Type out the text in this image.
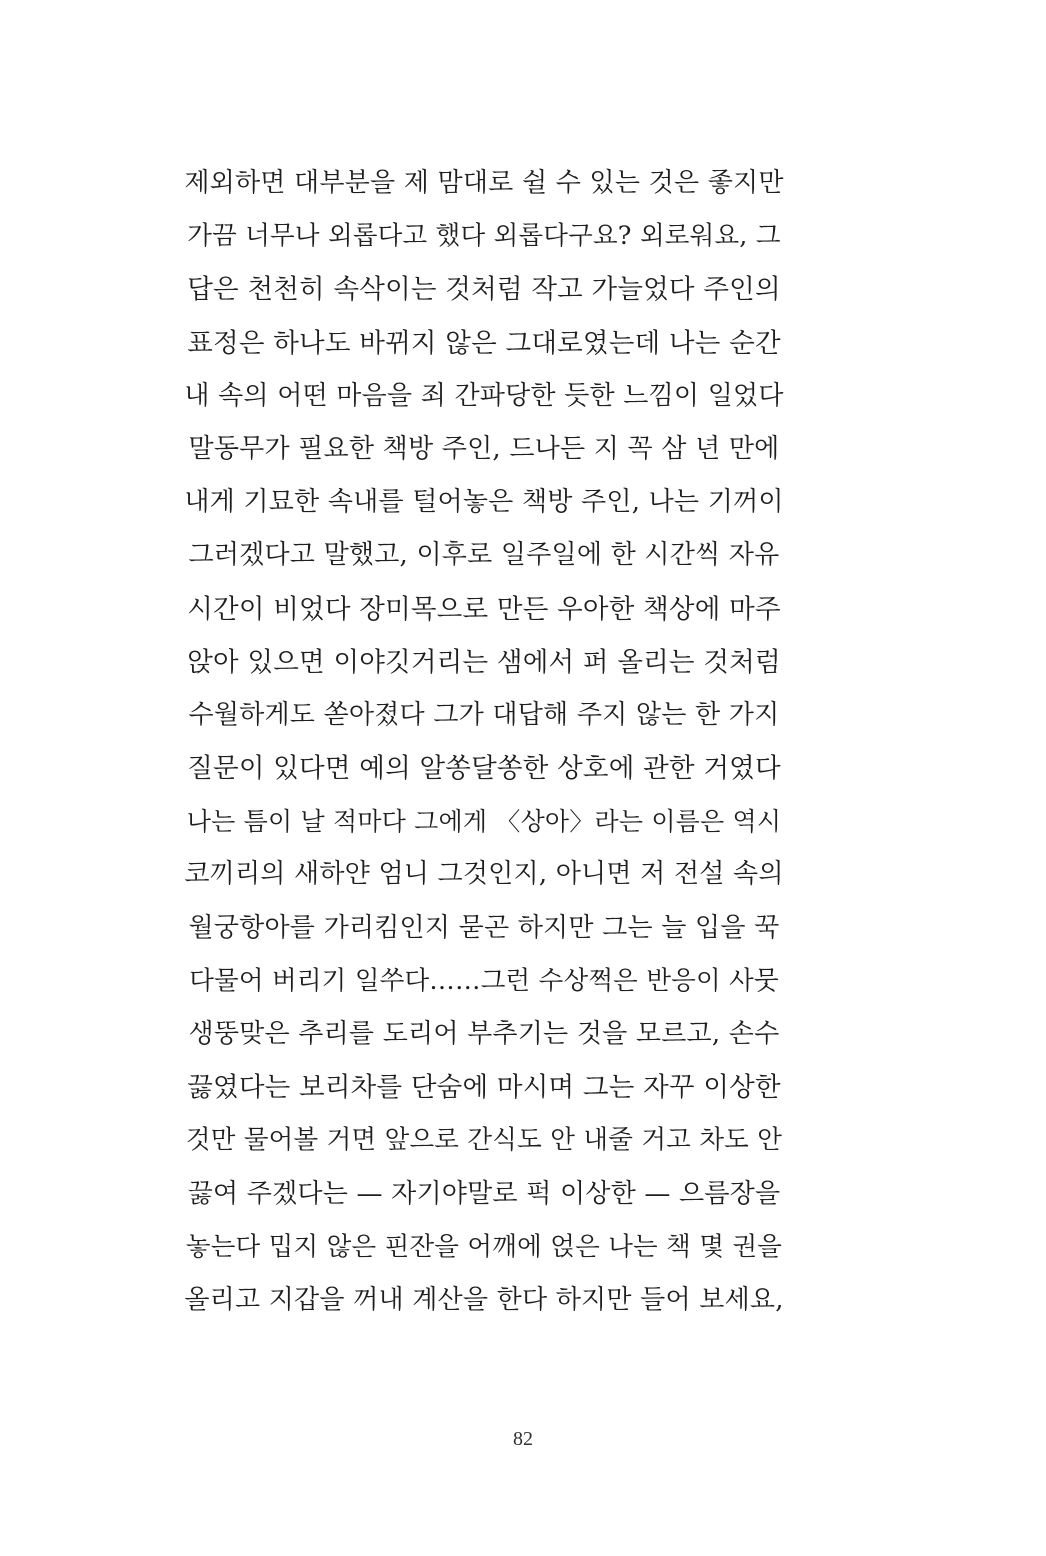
제외하면 대부분을 제 맘대로 쉴 수 있는 것은 좋지만
가끔 너무나 외롭다고 했다 외롭다구요? 외로워요, 그
답은 천천히 속삭이는 것처럼 작고 가늘었다 주인의
표정은 하나도 바뀌지 않은 그대로였는데 나는 순간
내 속의 어떤 마음을 죄 간파당한 듯한 느낌이 일었다
말동무가 필요한 책방 주인, 드나든 지 꼭 삼 년 만에
내게 기묘한 속내를 털어놓은 책방 주인, 나는 기꺼이
그러겠다고 말했고, 이후로 일주일에 한 시간씩 자유
시간이 비었다 장미목으로 만든 우아한 책상에 마주
앉아 있으면 이야깃거리는 샘에서 퍼 올리는 것처럼
수월하게도 쏟아졌다 그가 대답해 주지 않는 한 가지
질문이 있다면 예의 알쏭달쏭한 상호에 관한 거였다
나는 틈이 날 적마다 그에게 〈상아〉라는 이름은 역시
코끼리의 새하얀 엄니 그것인지, 아니면 저 전설 속의
월궁항아를 가리킴인지 묻곤 하지만 그는 늘 입을 꾹
다물어 버리기 일쑤다……그런 수상쩍은 반응이 사뭇
생뚱맞은 추리를 도리어 부추기는 것을 모르고, 손수
끓였다는 보리차를 단숨에 마시며 그는 자꾸 이상한
것만 물어볼 거면 앞으로 간식도 안 내줄 거고 차도 안
끓여 주겠다는 — 자기야말로 퍽 이상한 — 으름장을
놓는다 밉지 않은 핀잔을 어깨에 얹은 나는 책 몇 권을
올리고 지갑을 꺼내 계산을 한다 하지만 들어 보세요,
82
